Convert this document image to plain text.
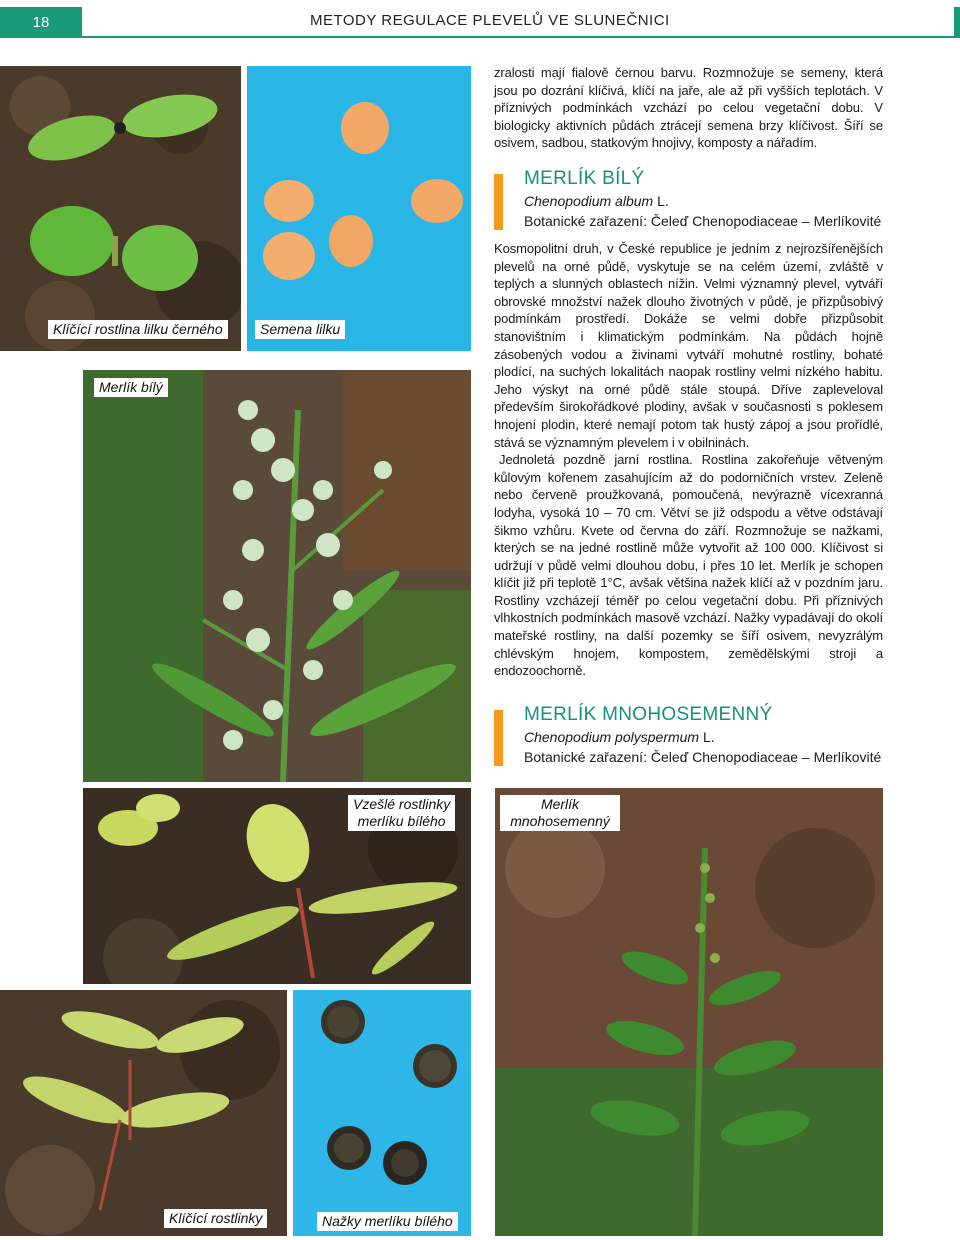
18	METODY REGULACE PLEVELŮ VE SLUNEČNICI
Klíčící rostlina lilku černého	Semena lilku
Merlík bílý
Vzešlé rostlinky
merlíku bílého
Merlík
mnohosemenný
Klíčící rostlinky	Nažky merlíku bílého

zralosti mají fialově černou barvu. Rozmnožuje se semeny, která jsou po dozrání klíčivá, klíčí na jaře, ale až při vyšších teplotách. V příznivých podmínkách vzchází po celou vegetační dobu. V biologicky aktivních půdách ztrácejí semena brzy klíčivost. Šíří se osivem, sadbou, statkovým hnojivy, komposty a nářadím.

MERLÍK BÍLÝ
Chenopodium album L.
Botanické zařazení: Čeleď Chenopodiaceae – Merlíkovité

Kosmopolitní druh, v České republice je jedním z nejrozšířenějších plevelů na orné půdě, vyskytuje se na celém území, zvláště v teplých a slunných oblastech nížin. Velmi významný plevel, vytváří obrovské množství nažek dlouho životných v půdě, je přizpůsobivý podmínkám prostředí. Dokáže se velmi dobře přizpůsobit stanovištním i klimatickým podmínkám. Na půdách hojně zásobených vodou a živinami vytváří mohutné rostliny, bohaté plodící, na suchých lokalitách naopak rostliny velmi nízkého habitu. Jeho výskyt na orné půdě stále stoupá. Dříve zapleveloval především širokořádkové plodiny, avšak v současnosti s poklesem hnojení plodin, které nemají potom tak hustý zápoj a jsou prořídlé, stává se významným plevelem i v obilninách.

Jednoletá pozdně jarní rostlina. Rostlina zakořeňuje větveným kůlovým kořenem zasahujícím až do podorničních vrstev. Zeleně nebo červeně proužkovaná, pomoučená, nevýrazně víceхranná lodyha, vysoká 10 – 70 cm. Větví se již odspodu a větve odstávají šikmo vzhůru. Kvete od června do září. Rozmnožuje se nažkami, kterých se na jedné rostlině může vytvořit až 100 000. Klíčivost si udržují v půdě velmi dlouhou dobu, i přes 10 let. Merlík je schopen klíčit již při teplotě 1°C, avšak většina nažek klíčí až v pozdním jaru. Rostliny vzcházejí téměř po celou vegetační dobu. Při příznivých vlhkostních podmínkách masově vzchází. Nažky vypadávají do okolí mateřské rostliny, na další pozemky se šíří osivem, nevyzrálým chlévským hnojem, kompostem, zemědělskými stroji a endozoochorně.

MERLÍK MNOHOSEMENNÝ
Chenopodium polyspermum L.
Botanické zařazení: Čeleď Chenopodiaceae – Merlíkovité
